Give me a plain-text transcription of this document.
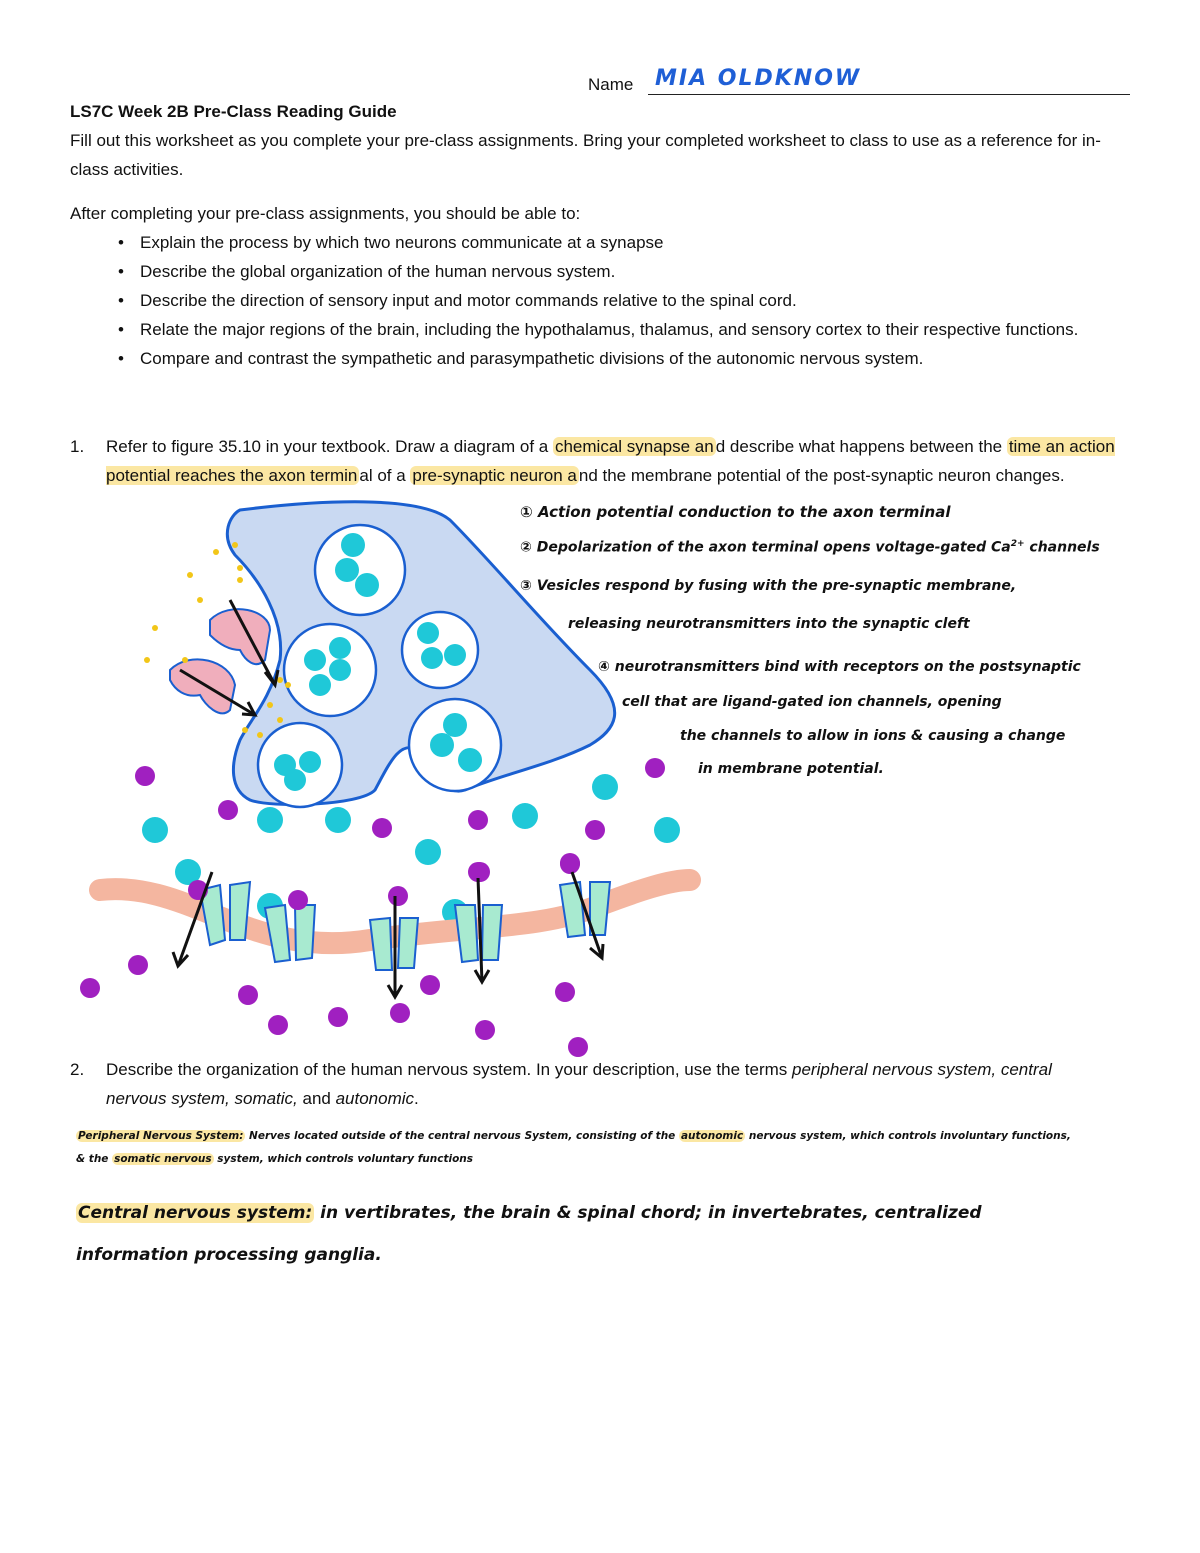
Name MIA OLDKNOW
LS7C Week 2B Pre-Class Reading Guide
Fill out this worksheet as you complete your pre-class assignments. Bring your completed worksheet to class to use as a reference for in-class activities.
After completing your pre-class assignments, you should be able to:
• Explain the process by which two neurons communicate at a synapse
• Describe the global organization of the human nervous system.
• Describe the direction of sensory input and motor commands relative to the spinal cord.
• Relate the major regions of the brain, including the hypothalamus, thalamus, and sensory cortex to their respective functions.
• Compare and contrast the sympathetic and parasympathetic divisions of the autonomic nervous system.
1.	Refer to figure 35.10 in your textbook. Draw a diagram of a chemical synapse an d describe what happens between the time an action potential reaches the axon termin al of a pre-synaptic neuron a nd the membrane potential of the post-synaptic neuron changes.
① Action potential conduction to the axon terminal
② Depolarization of the axon terminal opens voltage-gated $Ca^{2+}$ channels
③ Vesicles respond by fusing with the pre-synaptic membrane,
releasing neurotransmitters into the synaptic cleft
④ neurotransmitters bind with receptors on the postsynaptic
cell that are ligand-gated ion channels, opening
the channels to allow in ions & causing a change
in membrane potential.
2.	Describe the organization of the human nervous system. In your description, use the terms peripheral nervous system, central nervous system, somatic, and autonomic.
Peripheral Nervous System: Nerves located outside of the central nervous System, consisting of the autonomic nervous system, which controls involuntary functions,
& the somatic nervous system, which controls voluntary functions
Central nervous system: in vertibrates, the brain & spinal chord; in invertebrates, centralized
information processing ganglia.
